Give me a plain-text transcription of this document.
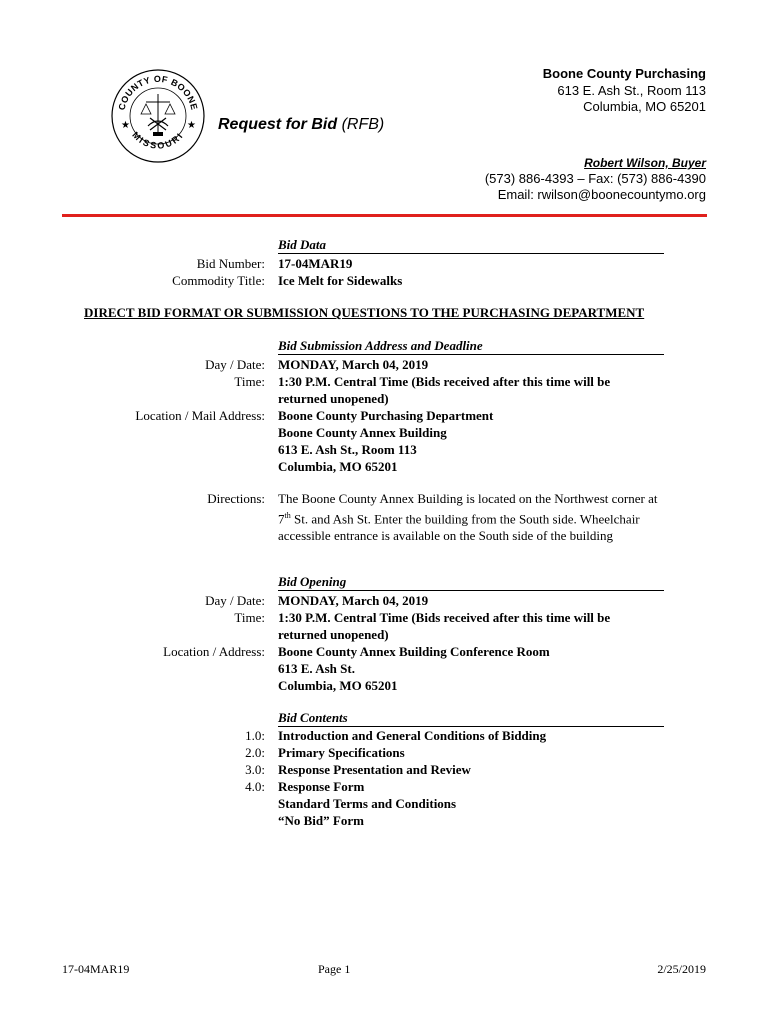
COUNTY OF BOONE
MISSOURI
★	★
Boone County Purchasing
613 E. Ash St., Room 113
Columbia, MO 65201
Request for Bid (RFB)
Robert Wilson, Buyer
(573) 886-4393 – Fax: (573) 886-4390
Email: rwilson@boonecountymo.org
Bid Data
Bid Number: 17-04MAR19
Commodity Title: Ice Melt for Sidewalks
DIRECT BID FORMAT OR SUBMISSION QUESTIONS TO THE PURCHASING DEPARTMENT
Bid Submission Address and Deadline
Day / Date: MONDAY, March 04, 2019
Time: 1:30 P.M. Central Time (Bids received after this time will be
returned unopened)
Location / Mail Address: Boone County Purchasing Department
Boone County Annex Building
613 E. Ash St., Room 113
Columbia, MO 65201
Directions: The Boone County Annex Building is located on the Northwest corner at 7th St. and Ash St. Enter the building from the South side. Wheelchair accessible entrance is available on the South side of the building
Bid Opening
Day / Date: MONDAY, March 04, 2019
Time: 1:30 P.M. Central Time (Bids received after this time will be
returned unopened)
Location / Address: Boone County Annex Building Conference Room
613 E. Ash St.
Columbia, MO 65201
Bid Contents
1.0: Introduction and General Conditions of Bidding
2.0: Primary Specifications
3.0: Response Presentation and Review
4.0: Response Form
Standard Terms and Conditions
“No Bid” Form
17-04MAR19	Page 1	2/25/2019
